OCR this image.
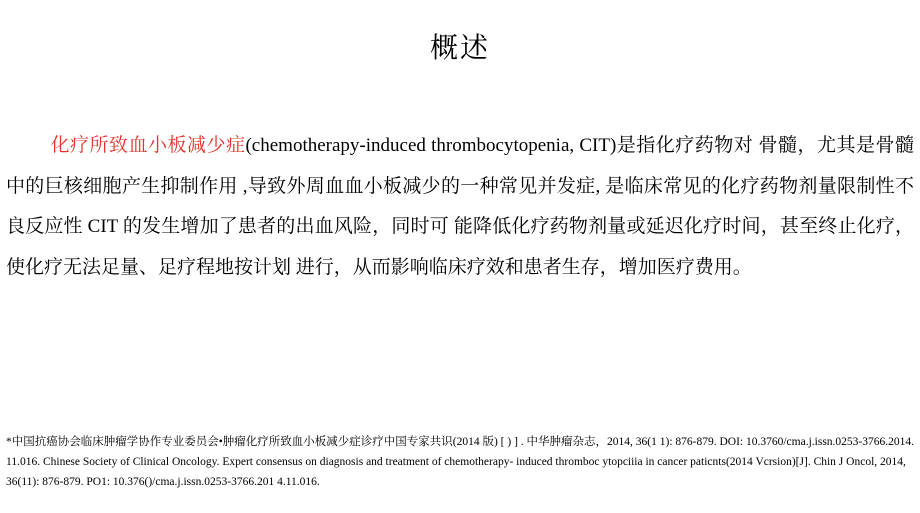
概述
化疗所致血小板减少症(chemotherapy-induced thrombocytopenia, CIT)是指化疗药物对 骨髓，尤其是骨髓中的巨核细胞产生抑制作用 ,导致外周血血小板减少的一种常见并发症, 是临床常见的化疗药物剂量限制性不良反应性 CIT 的发生增加了患者的出血风险，同时可 能降低化疗药物剂量或延迟化疗时间，甚至终止化疗，使化疗无法足量、足疗程地按计划 进行，从而影响临床疗效和患者生存，增加医疗费用。
*中国抗癌协会临床肿瘤学协作专业委员会•肿瘤化疗所致血小板减少症诊疗中国专家共识(2014 版) [ ) ] . 中华肿瘤杂志，2014, 36(1 1): 876-879. DOI: 10.3760/cma.j.issn.0253-3766.2014.11.016. Chinese Society of Clinical Oncology. Expert consensus on diagnosis and treatment of chemotherapy- induced thromboc ytopciiia in cancer paticnts(2014 Vcrsion)[J]. Chin J Oncol, 2014, 36(11): 876-879. PO1: 10.376()/cma.j.issn.0253-3766.201 4.11.016.
